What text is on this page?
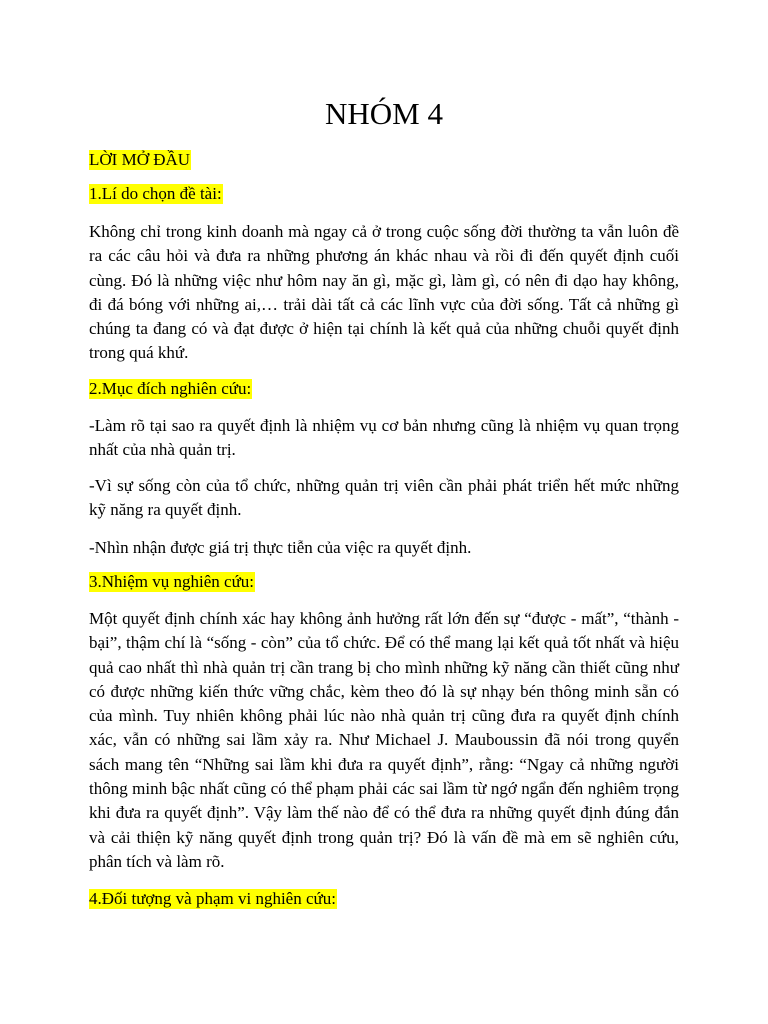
NHÓM 4
LỜI MỞ ĐẦU
1.Lí do chọn đề tài:
Không chỉ trong kinh doanh mà ngay cả ở trong cuộc sống đời thường ta vẫn luôn đề ra các câu hỏi và đưa ra những phương án khác nhau và rồi đi đến quyết định cuối cùng. Đó là những việc như hôm nay ăn gì, mặc gì, làm gì, có nên đi dạo hay không, đi đá bóng với những ai,… trải dài tất cả các lĩnh vực của đời sống. Tất cả những gì chúng ta đang có và đạt được ở hiện tại chính là kết quả của những chuỗi quyết định trong quá khứ.
2.Mục đích nghiên cứu:
-Làm rõ tại sao ra quyết định là nhiệm vụ cơ bản nhưng cũng là nhiệm vụ quan trọng nhất của nhà quản trị.
-Vì sự sống còn của tổ chức, những quản trị viên cần phải phát triển hết mức những kỹ năng ra quyết định.
-Nhìn nhận được giá trị thực tiễn của việc ra quyết định.
3.Nhiệm vụ nghiên cứu:
Một quyết định chính xác hay không ảnh hưởng rất lớn đến sự “được - mất”, “thành - bại”, thậm chí là “sống - còn” của tổ chức. Để có thể mang lại kết quả tốt nhất và hiệu quả cao nhất thì nhà quản trị cần trang bị cho mình những kỹ năng cần thiết cũng như có được những kiến thức vững chắc, kèm theo đó là sự nhạy bén thông minh sẵn có của mình. Tuy nhiên không phải lúc nào nhà quản trị cũng đưa ra quyết định chính xác, vẫn có những sai lầm xảy ra. Như Michael J. Mauboussin đã nói trong quyển sách mang tên “Những sai lầm khi đưa ra quyết định”, rằng: “Ngay cả những người thông minh bậc nhất cũng có thể phạm phải các sai lầm từ ngớ ngẩn đến nghiêm trọng khi đưa ra quyết định”. Vậy làm thế nào để có thể đưa ra những quyết định đúng đắn và cải thiện kỹ năng quyết định trong quản trị? Đó là vấn đề mà em sẽ nghiên cứu, phân tích và làm rõ.
4.Đối tượng và phạm vi nghiên cứu:
